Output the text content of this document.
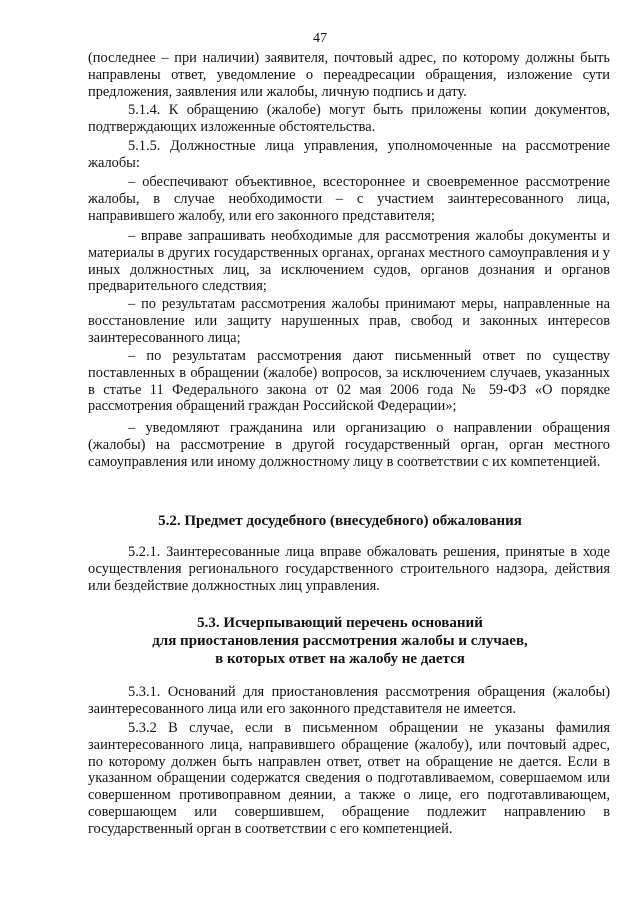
47

(последнее – при наличии) заявителя, почтовый адрес, по которому должны быть направлены ответ, уведомление о переадресации обращения, изложение сути предложения, заявления или жалобы, личную подпись и дату.

5.1.4. К обращению (жалобе) могут быть приложены копии документов, подтверждающих изложенные обстоятельства.

5.1.5. Должностные лица управления, уполномоченные на рассмотрение жалобы:

– обеспечивают объективное, всестороннее и своевременное рассмотрение жалобы, в случае необходимости – с участием заинтересованного лица, направившего жалобу, или его законного представителя;

– вправе запрашивать необходимые для рассмотрения жалобы документы и материалы в других государственных органах, органах местного самоуправления и у иных должностных лиц, за исключением судов, органов дознания и органов предварительного следствия;

– по результатам рассмотрения жалобы принимают меры, направленные на восстановление или защиту нарушенных прав, свобод и законных интересов заинтересованного лица;

– по результатам рассмотрения дают письменный ответ по существу поставленных в обращении (жалобе) вопросов, за исключением случаев, указанных в статье 11 Федерального закона от 02 мая 2006 года № 59-ФЗ «О порядке рассмотрения обращений граждан Российской Федерации»;

– уведомляют гражданина или организацию о направлении обращения (жалобы) на рассмотрение в другой государственный орган, орган местного самоуправления или иному должностному лицу в соответствии с их компетенцией.

5.2. Предмет досудебного (внесудебного) обжалования

5.2.1. Заинтересованные лица вправе обжаловать решения, принятые в ходе осуществления регионального государственного строительного надзора, действия или бездействие должностных лиц управления.

5.3. Исчерпывающий перечень оснований

для приостановления рассмотрения жалобы и случаев,

в которых ответ на жалобу не дается

5.3.1. Оснований для приостановления рассмотрения обращения (жалобы) заинтересованного лица или его законного представителя не имеется.

5.3.2 В случае, если в письменном обращении не указаны фамилия заинтересованного лица, направившего обращение (жалобу), или почтовый адрес, по которому должен быть направлен ответ, ответ на обращение не дается. Если в указанном обращении содержатся сведения о подготавливаемом, совершаемом или совершенном противоправном деянии, а также о лице, его подготавливающем, совершающем или совершившем, обращение подлежит направлению в государственный орган в соответствии с его компетенцией.
